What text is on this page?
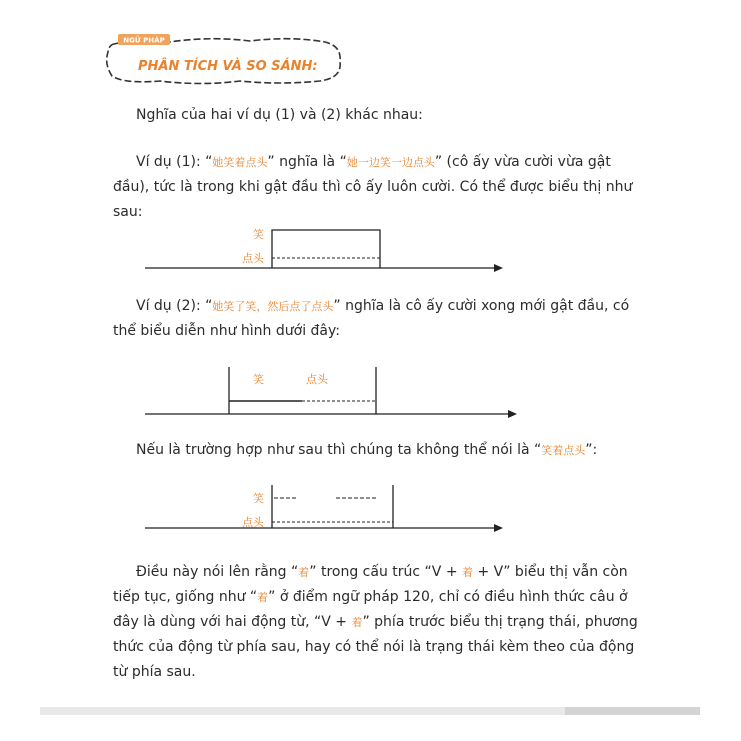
NGỮ PHÁP
PHÂN TÍCH VÀ SO SÁNH:

Nghĩa của hai ví dụ (1) và (2) khác nhau:

Ví dụ (1): “她笑着点头” nghĩa là “她一边笑一边点头” (cô ấy vừa cười vừa gật đầu), tức là trong khi gật đầu thì cô ấy luôn cười. Có thể được biểu thị như sau:

笑
点头

Ví dụ (2): “她笑了笑，然后点了点头” nghĩa là cô ấy cười xong mới gật đầu, có thể biểu diễn như hình dưới đây:

笑	点头

Nếu là trường hợp như sau thì chúng ta không thể nói là “笑着点头”:

笑
点头

Điều này nói lên rằng “着” trong cấu trúc “V + 着 + V” biểu thị vẫn còn tiếp tục, giống như “着” ở điểm ngữ pháp 120, chỉ có điều hình thức câu ở đây là dùng với hai động từ, “V + 着” phía trước biểu thị trạng thái, phương thức của động từ phía sau, hay có thể nói là trạng thái kèm theo của động từ phía sau.
